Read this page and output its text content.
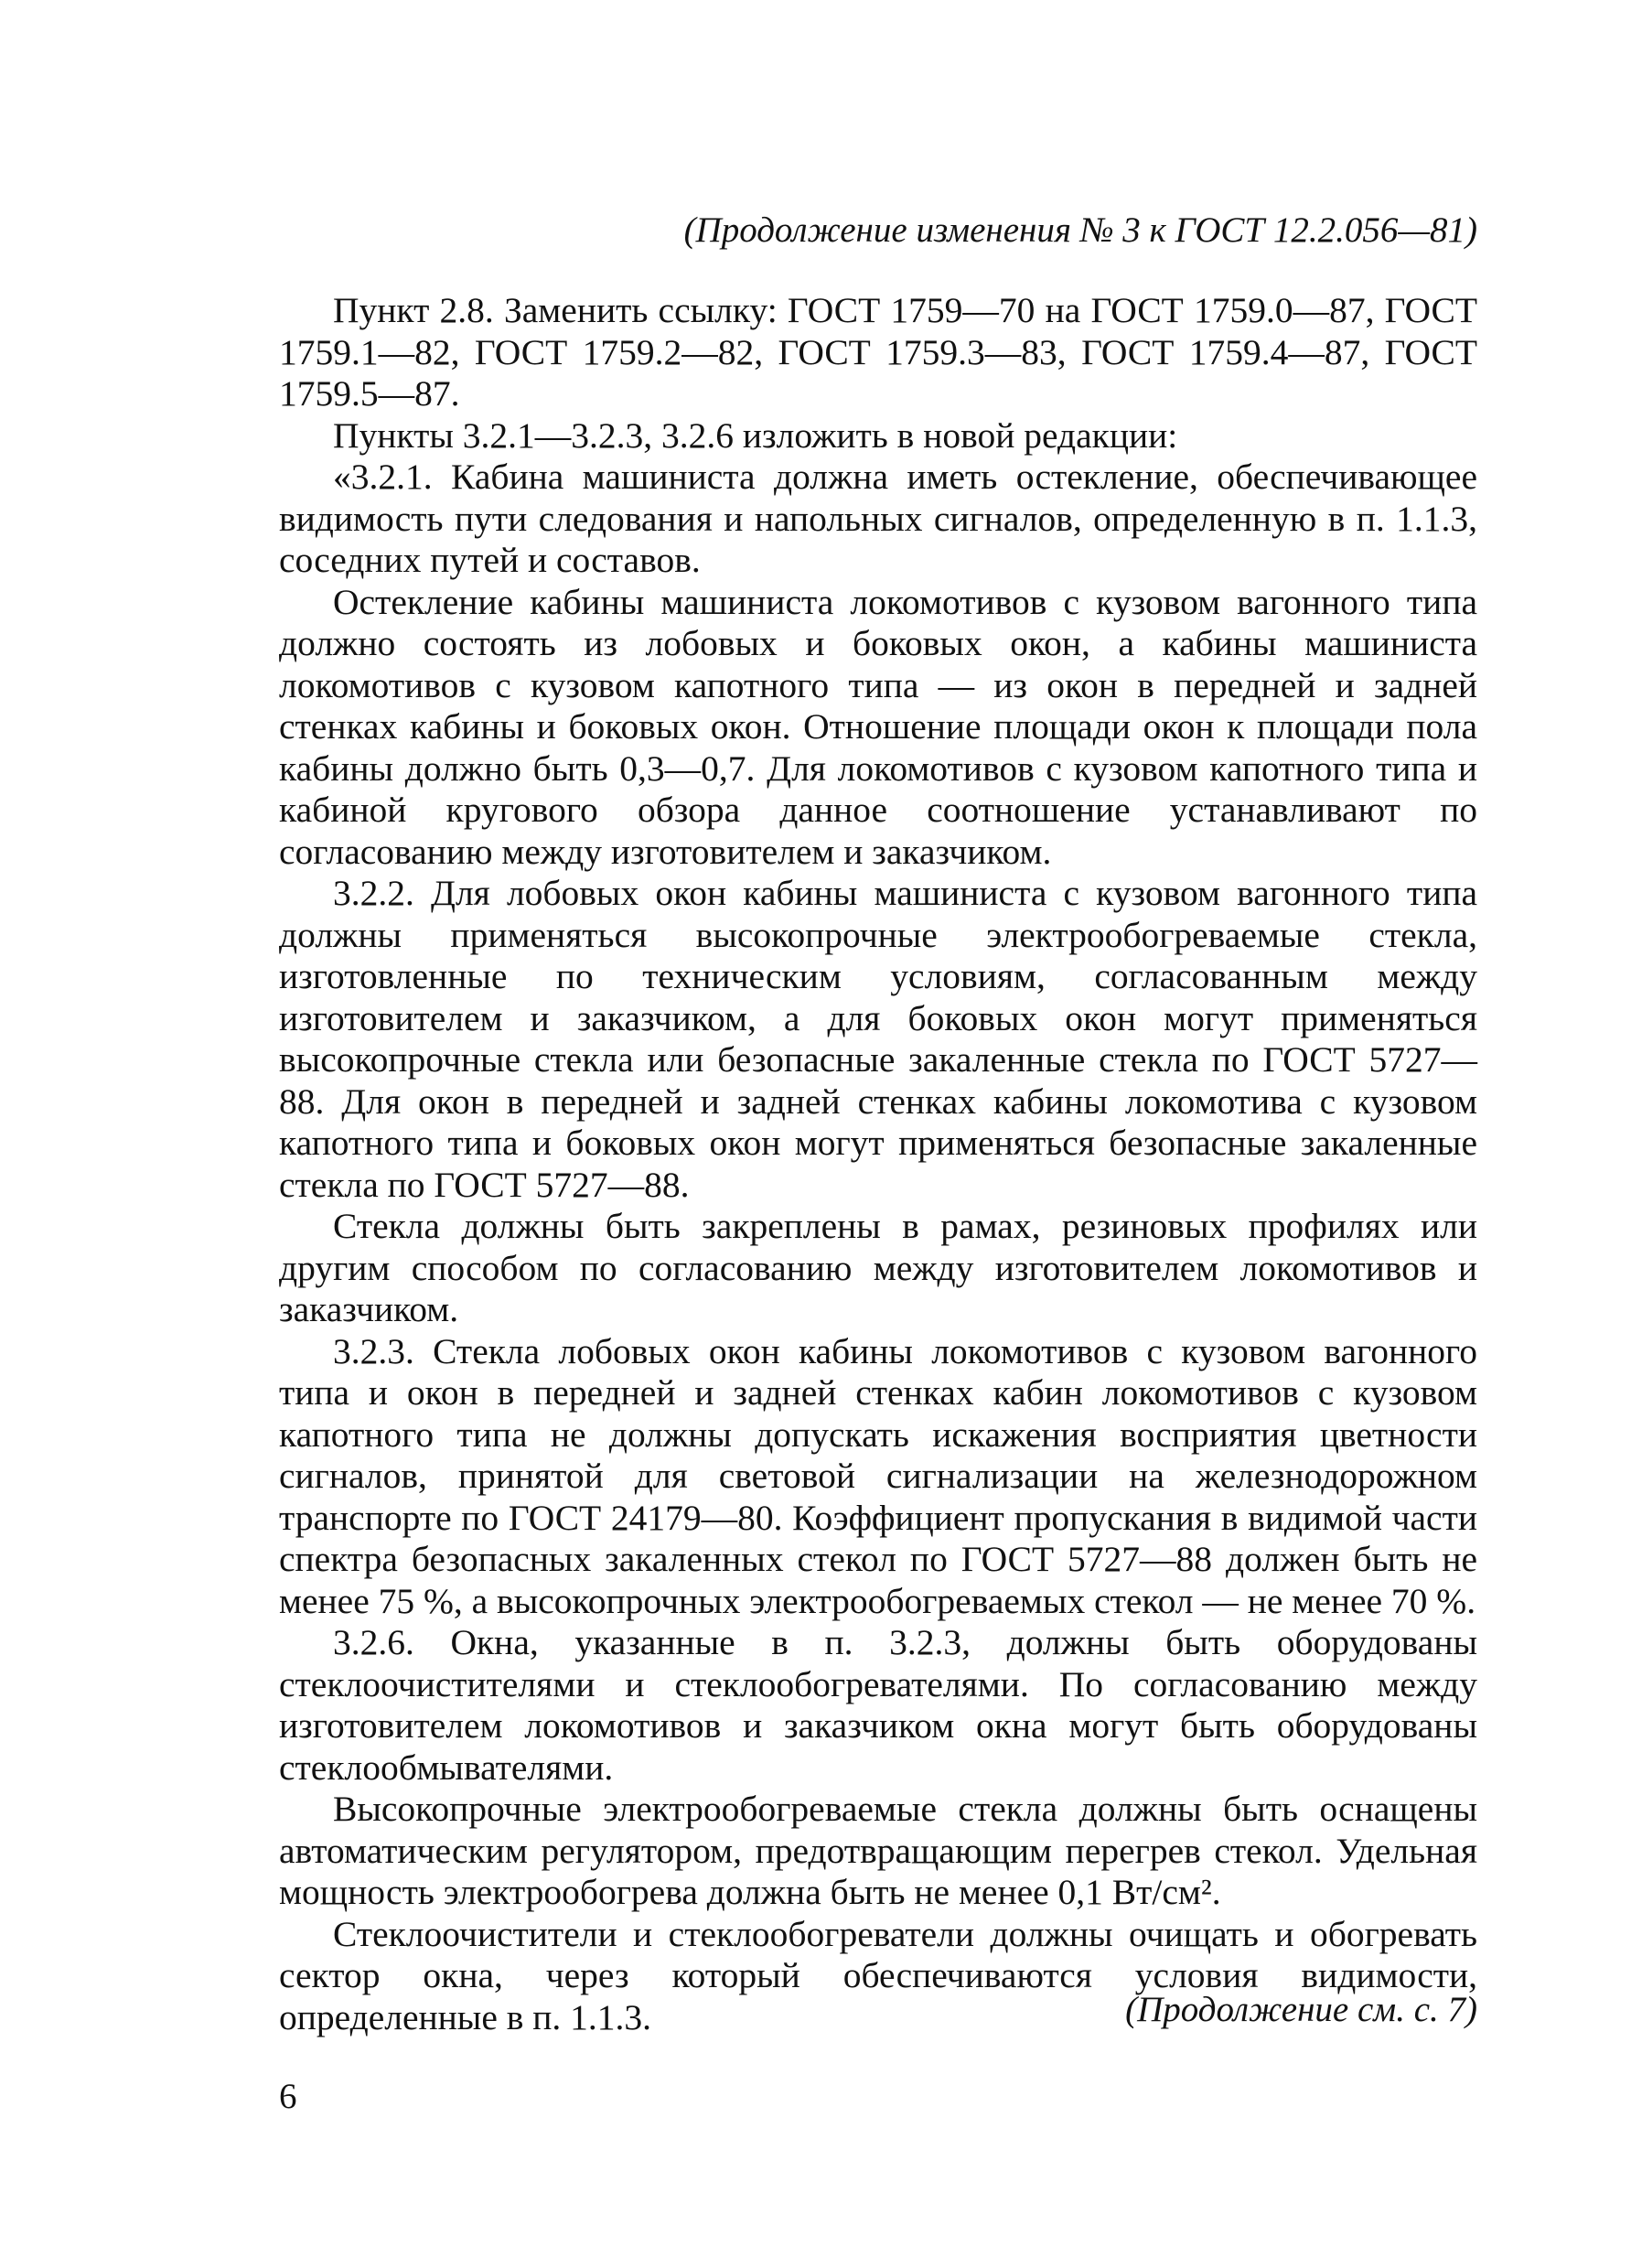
(Продолжение изменения № 3 к ГОСТ 12.2.056—81)

Пункт 2.8. Заменить ссылку: ГОСТ 1759—70 на ГОСТ 1759.0—87, ГОСТ 1759.1—82, ГОСТ 1759.2—82, ГОСТ 1759.3—83, ГОСТ 1759.4—87, ГОСТ 1759.5—87.

Пункты 3.2.1—3.2.3, 3.2.6 изложить в новой редакции:

«3.2.1. Кабина машиниста должна иметь остекление, обеспечивающее видимость пути следования и напольных сигналов, определенную в п. 1.1.3, соседних путей и составов.

Остекление кабины машиниста локомотивов с кузовом вагонного типа должно состоять из лобовых и боковых окон, а кабины машиниста локомотивов с кузовом капотного типа — из окон в передней и задней стенках кабины и боковых окон. Отношение площади окон к площади пола кабины должно быть 0,3—0,7. Для локомотивов с кузовом капотного типа и кабиной кругового обзора данное соотношение устанавливают по согласованию между изготовителем и заказчиком.

3.2.2. Для лобовых окон кабины машиниста с кузовом вагонного типа должны применяться высокопрочные электрообогреваемые стекла, изготовленные по техническим условиям, согласованным между изготовителем и заказчиком, а для боковых окон могут применяться высокопрочные стекла или безопасные закаленные стекла по ГОСТ 5727—88. Для окон в передней и задней стенках кабины локомотива с кузовом капотного типа и боковых окон могут применяться безопасные закаленные стекла по ГОСТ 5727—88.

Стекла должны быть закреплены в рамах, резиновых профилях или другим способом по согласованию между изготовителем локомотивов и заказчиком.

3.2.3. Стекла лобовых окон кабины локомотивов с кузовом вагонного типа и окон в передней и задней стенках кабин локомотивов с кузовом капотного типа не должны допускать искажения восприятия цветности сигналов, принятой для световой сигнализации на железнодорожном транспорте по ГОСТ 24179—80. Коэффициент пропускания в видимой части спектра безопасных закаленных стекол по ГОСТ 5727—88 должен быть не менее 75 %, а высокопрочных электрообогреваемых стекол — не менее 70 %.

3.2.6. Окна, указанные в п. 3.2.3, должны быть оборудованы стеклоочистителями и стеклообогревателями. По согласованию между изготовителем локомотивов и заказчиком окна могут быть оборудованы стеклообмывателями.

Высокопрочные электрообогреваемые стекла должны быть оснащены автоматическим регулятором, предотвращающим перегрев стекол. Удельная мощность электрообогрева должна быть не менее 0,1 Вт/см².

Стеклоочистители и стеклообогреватели должны очищать и обогревать сектор окна, через который обеспечиваются условия видимости, определенные в п. 1.1.3.	(Продолжение см. с. 7)
6
